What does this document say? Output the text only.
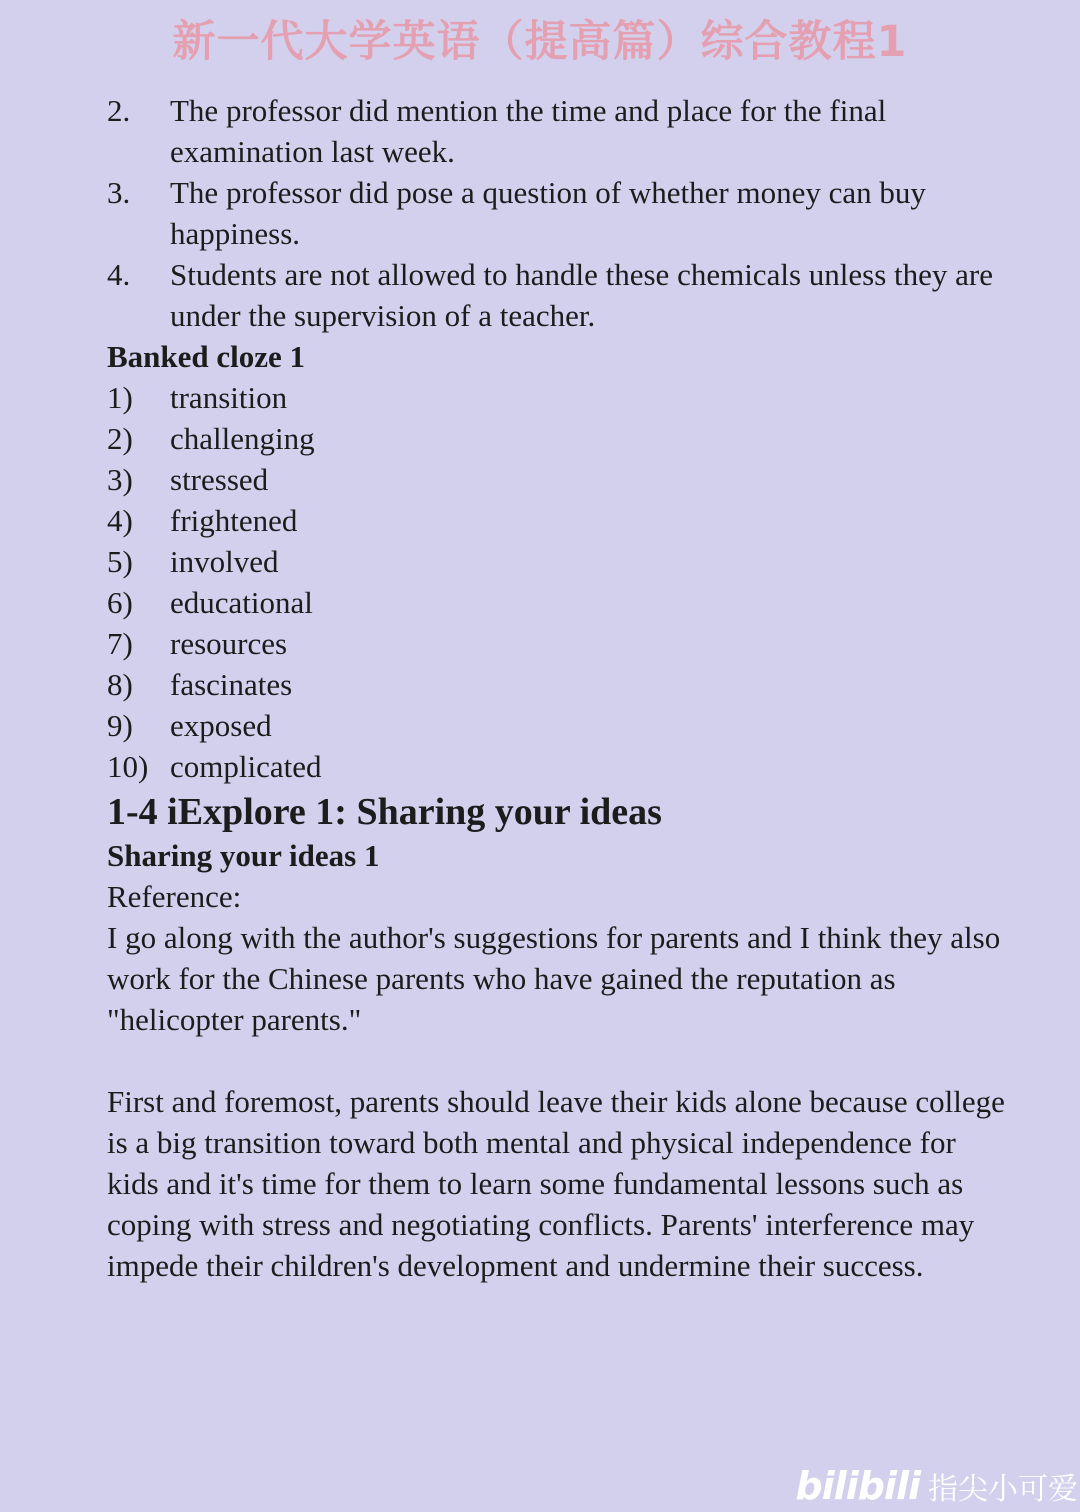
新一代大学英语（提高篇）综合教程1
2.	The professor did mention the time and place for the final examination last week.
3.	The professor did pose a question of whether money can buy happiness.
4.	Students are not allowed to handle these chemicals unless they are under the supervision of a teacher.
Banked cloze 1
1)	transition
2)	challenging
3)	stressed
4)	frightened
5)	involved
6)	educational
7)	resources
8)	fascinates
9)	exposed
10) complicated
1-4 iExplore 1: Sharing your ideas
Sharing your ideas 1
Reference:

I go along with the author's suggestions for parents and I think they also work for the Chinese parents who have gained the reputation as "helicopter parents."

First and foremost, parents should leave their kids alone because college is a big transition toward both mental and physical independence for kids and it's time for them to learn some fundamental lessons such as coping with stress and negotiating conflicts. Parents' interference may impede their children's development and undermine their success.

bilibili 指尖小可爱
